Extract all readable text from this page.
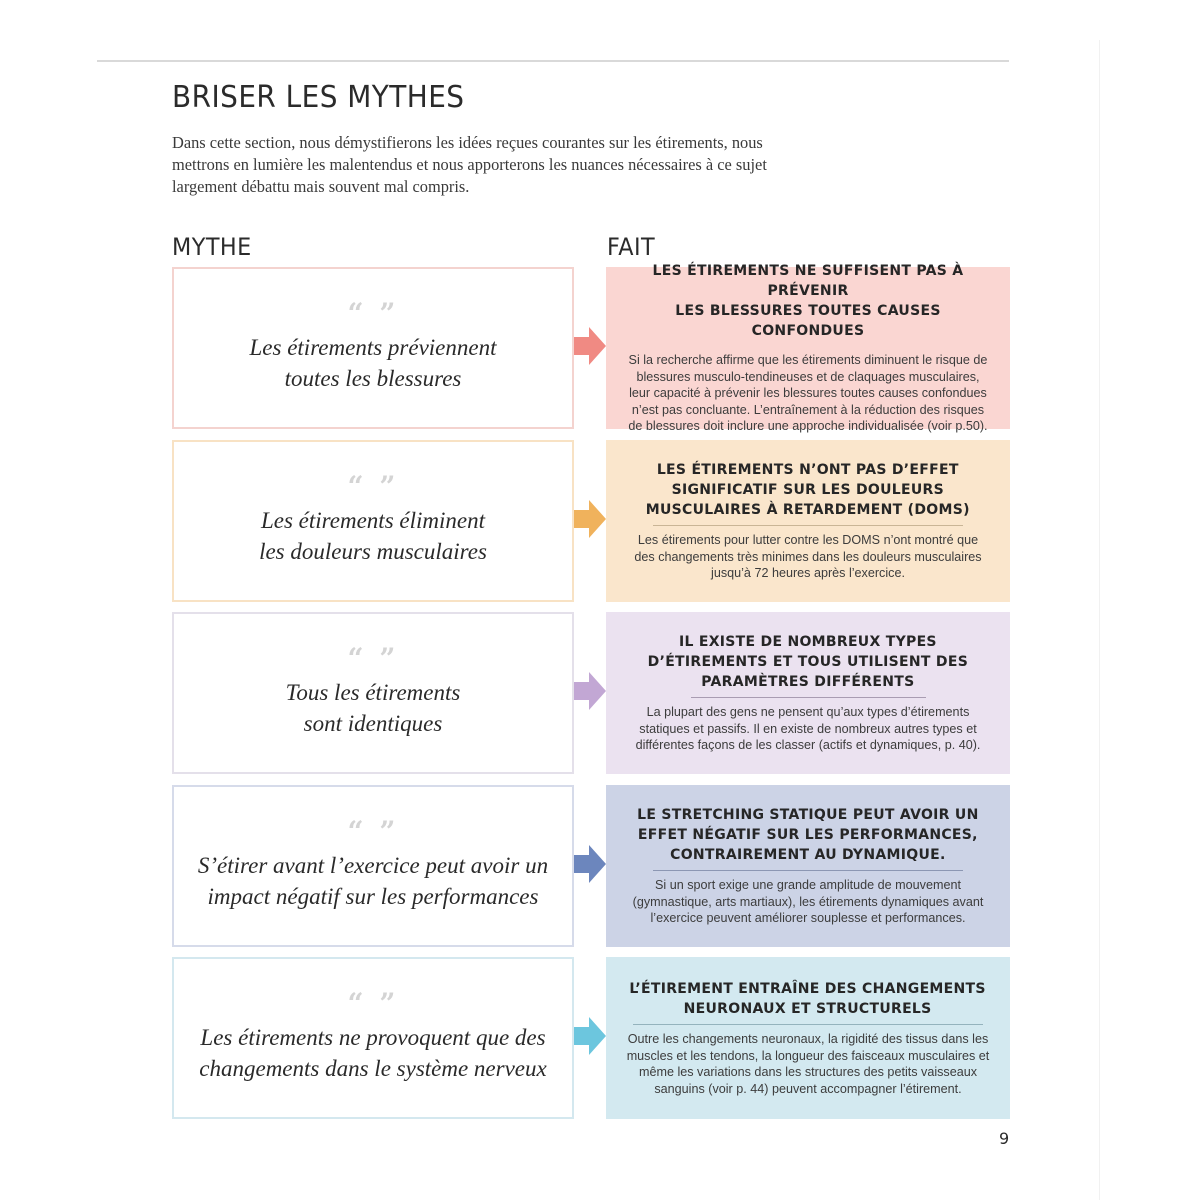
BRISER LES MYTHES

Dans cette section, nous démystifierons les idées reçues courantes sur les étirements, nous mettrons en lumière les malentendus et nous apporterons les nuances nécessaires à ce sujet largement débattu mais souvent mal compris.

MYTHE	FAIT
“ ”
Les étirements préviennent
toutes les blessures
LES ÉTIREMENTS NE SUFFISENT PAS À PRÉVENIR
LES BLESSURES TOUTES CAUSES CONFONDUES
Si la recherche affirme que les étirements diminuent le risque de
blessures musculo-tendineuses et de claquages musculaires,
leur capacité à prévenir les blessures toutes causes confondues
n’est pas concluante. L’entraînement à la réduction des risques
de blessures doit inclure une approche individualisée (voir p.50).
“ ”
Les étirements éliminent
les douleurs musculaires
LES ÉTIREMENTS N’ONT PAS D’EFFET
SIGNIFICATIF SUR LES DOULEURS
MUSCULAIRES À RETARDEMENT (DOMS)
Les étirements pour lutter contre les DOMS n’ont montré que
des changements très minimes dans les douleurs musculaires
jusqu’à 72 heures après l’exercice.
“ ”
Tous les étirements
sont identiques
IL EXISTE DE NOMBREUX TYPES
D’ÉTIREMENTS ET TOUS UTILISENT DES
PARAMÈTRES DIFFÉRENTS
La plupart des gens ne pensent qu’aux types d’étirements
statiques et passifs. Il en existe de nombreux autres types et
différentes façons de les classer (actifs et dynamiques, p. 40).
“ ”
S’étirer avant l’exercice peut avoir un
impact négatif sur les performances
LE STRETCHING STATIQUE PEUT AVOIR UN
EFFET NÉGATIF SUR LES PERFORMANCES,
CONTRAIREMENT AU DYNAMIQUE.
Si un sport exige une grande amplitude de mouvement
(gymnastique, arts martiaux), les étirements dynamiques avant
l’exercice peuvent améliorer souplesse et performances.
“ ”
Les étirements ne provoquent que des
changements dans le système nerveux
L’ÉTIREMENT ENTRAÎNE DES CHANGEMENTS
NEURONAUX ET STRUCTURELS
Outre les changements neuronaux, la rigidité des tissus dans les
muscles et les tendons, la longueur des faisceaux musculaires et
même les variations dans les structures des petits vaisseaux
sanguins (voir p. 44) peuvent accompagner l’étirement.
9
